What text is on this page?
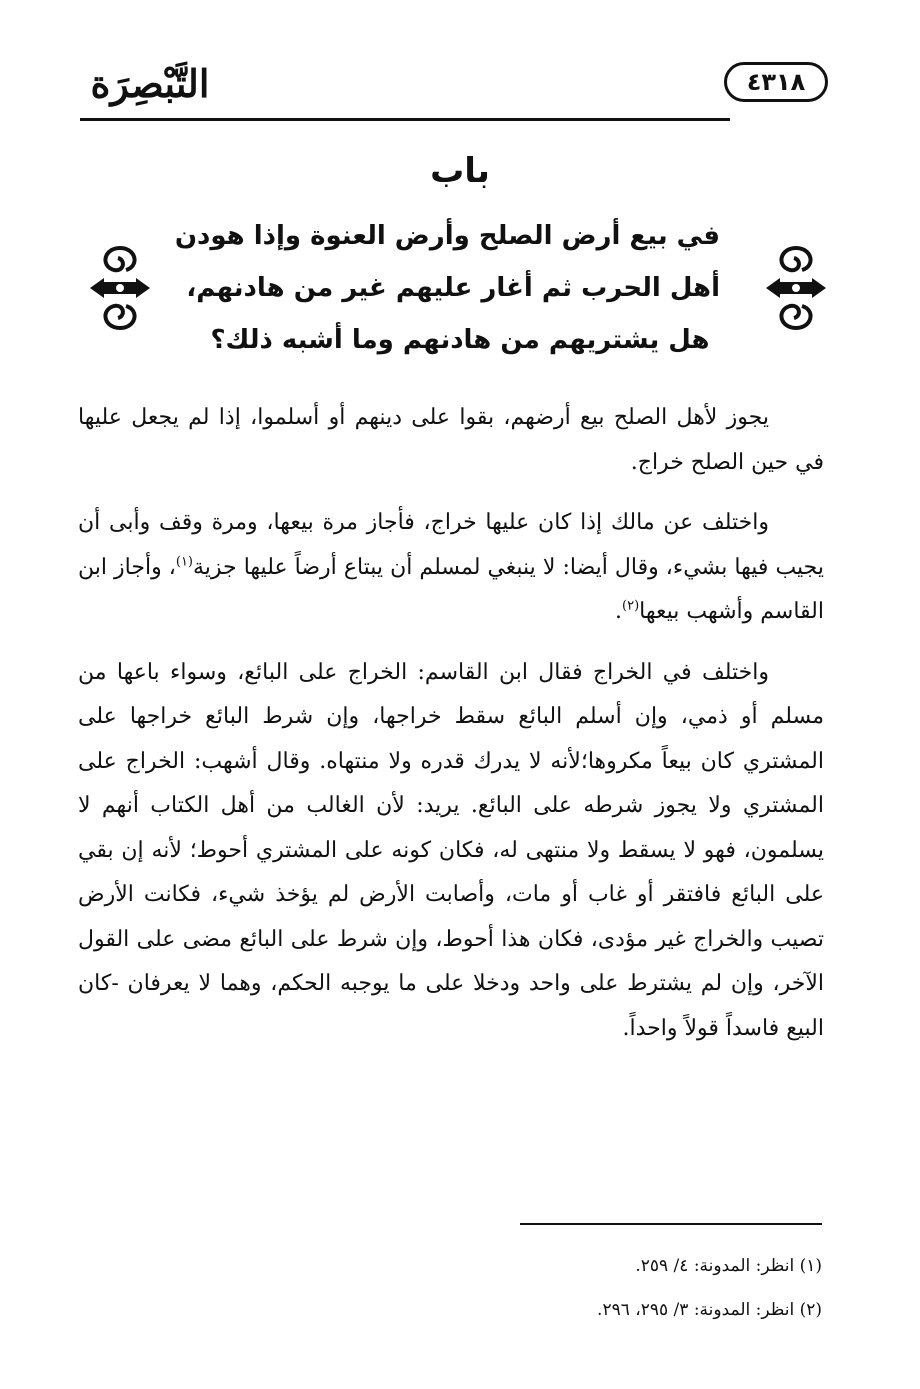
التَّبْصِرَة	٤٣١٨
باب
في بيع أرض الصلح وأرض العنوة وإذا هودن
أهل الحرب ثم أغار عليهم غير من هادنهم،
هل يشتريهم من هادنهم وما أشبه ذلك؟

يجوز لأهل الصلح بيع أرضهم، بقوا على دينهم أو أسلموا، إذا لم يجعل عليها في حين الصلح خراج.

واختلف عن مالك إذا كان عليها خراج، فأجاز مرة بيعها، ومرة وقف وأبى أن يجيب فيها بشيء، وقال أيضا: لا ينبغي لمسلم أن يبتاع أرضاً عليها جزية$^{(١)}$، وأجاز ابن القاسم وأشهب بيعها$^{(٢)}$.

واختلف في الخراج فقال ابن القاسم: الخراج على البائع، وسواء باعها من مسلم أو ذمي، وإن أسلم البائع سقط خراجها، وإن شرط البائع خراجها على المشتري كان بيعاً مكروها؛لأنه لا يدرك قدره ولا منتهاه. وقال أشهب: الخراج على المشتري ولا يجوز شرطه على البائع. يريد: لأن الغالب من أهل الكتاب أنهم لا يسلمون، فهو لا يسقط ولا منتهى له، فكان كونه على المشتري أحوط؛ لأنه إن بقي على البائع فافتقر أو غاب أو مات، وأصابت الأرض لم يؤخذ شيء، فكانت الأرض تصيب والخراج غير مؤدى، فكان هذا أحوط، وإن شرط على البائع مضى على القول الآخر، وإن لم يشترط على واحد ودخلا على ما يوجبه الحكم، وهما لا يعرفان -كان البيع فاسداً قولاً واحداً.

(١) انظر: المدونة: ٤/ ٢٥٩.
(٢) انظر: المدونة: ٣/ ٢٩٥، ٢٩٦.
